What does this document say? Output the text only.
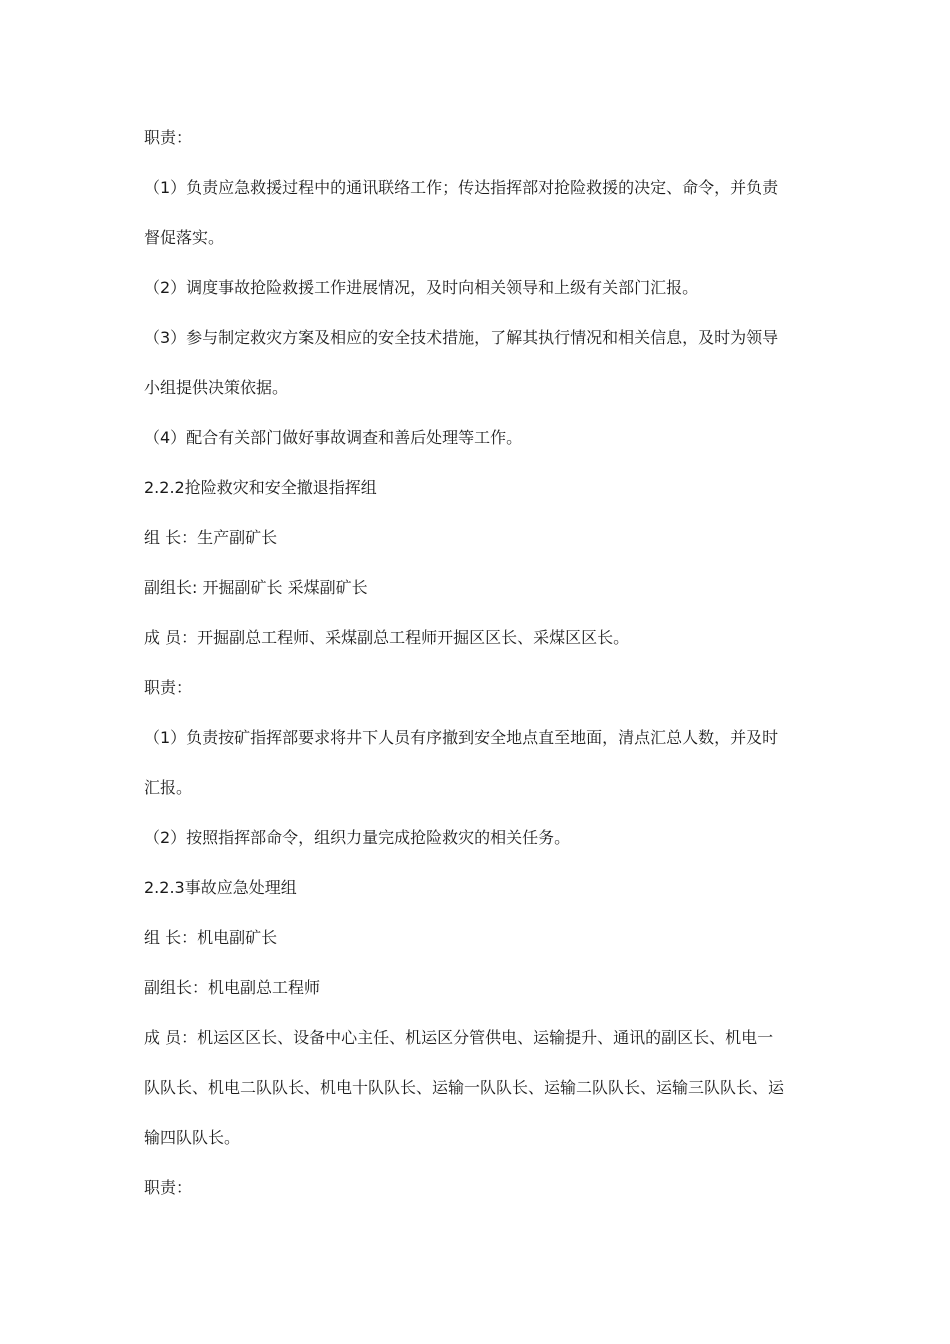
职责：
（1）负责应急救援过程中的通讯联络工作；传达指挥部对抢险救援的决定、命令，并负责
督促落实。
（2）调度事故抢险救援工作进展情况，及时向相关领导和上级有关部门汇报。
（3）参与制定救灾方案及相应的安全技术措施，了解其执行情况和相关信息，及时为领导
小组提供决策依据。
（4）配合有关部门做好事故调查和善后处理等工作。
2.2.2抢险救灾和安全撤退指挥组
组 长：生产副矿长
副组长: 开掘副矿长 采煤副矿长
成 员：开掘副总工程师、采煤副总工程师开掘区区长、采煤区区长。
职责：
（1）负责按矿指挥部要求将井下人员有序撤到安全地点直至地面，清点汇总人数，并及时
汇报。
（2）按照指挥部命令，组织力量完成抢险救灾的相关任务。
2.2.3事故应急处理组
组 长：机电副矿长
副组长：机电副总工程师
成 员：机运区区长、设备中心主任、机运区分管供电、运输提升、通讯的副区长、机电一
队队长、机电二队队长、机电十队队长、运输一队队长、运输二队队长、运输三队队长、运
输四队队长。
职责：
